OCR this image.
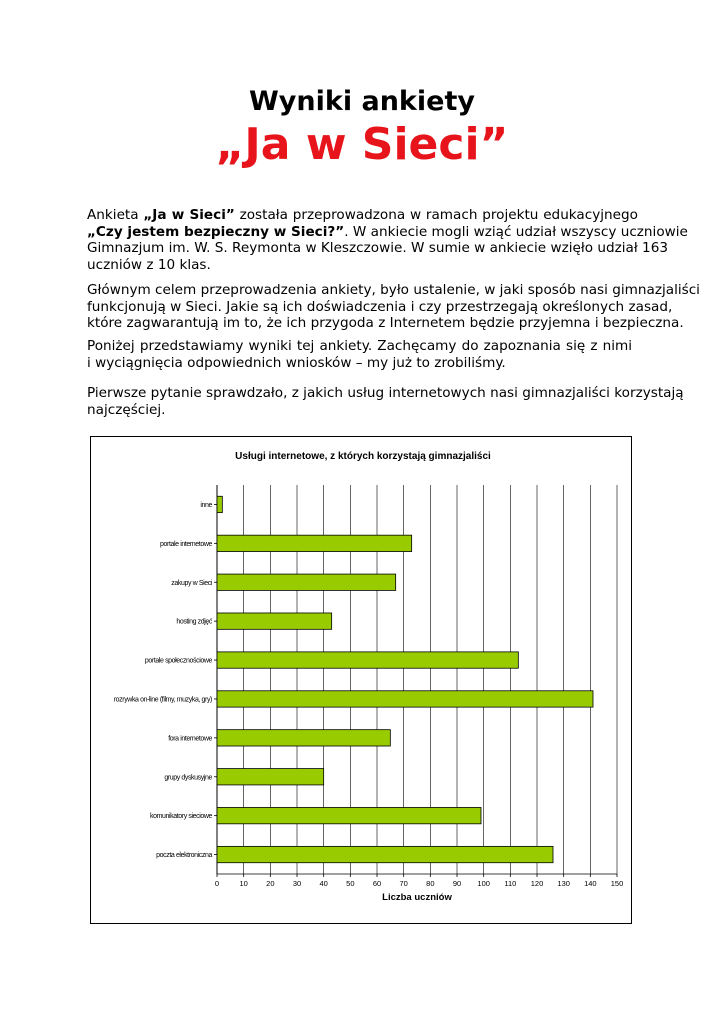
Wyniki ankiety
„Ja w Sieci”
Ankieta „Ja w Sieci” została przeprowadzona w ramach projektu edukacyjnego
„Czy jestem bezpieczny w Sieci?”. W ankiecie mogli wziąć udział wszyscy uczniowie
Gimnazjum im. W. S. Reymonta w Kleszczowie. W sumie w ankiecie wzięło udział 163
uczniów z 10 klas.
Głównym celem przeprowadzenia ankiety, było ustalenie, w jaki sposób nasi gimnazjaliści
funkcjonują w Sieci. Jakie są ich doświadczenia i czy przestrzegają określonych zasad,
które zagwarantują im to, że ich przygoda z Internetem będzie przyjemna i bezpieczna.
Poniżej przedstawiamy wyniki tej ankiety. Zachęcamy do zapoznania się z nimi
i wyciągnięcia odpowiednich wniosków – my już to zrobiliśmy.
Pierwsze pytanie sprawdzało, z jakich usług internetowych nasi gimnazjaliści korzystają
najczęściej.
Usługi internetowe, z których korzystają gimnazjaliści
inne
portale internetowe
zakupy w Sieci
hosting zdjęć
portale społecznościowe
rozrywka on-line (filmy, muzyka, gry)
fora internetowe
grupy dyskusyjne
komunikatory sieciowe
poczta elektroniczna
0	10 20 30 40 50 60 70 80 90 100 110 120 130 140 150
Liczba uczniów
